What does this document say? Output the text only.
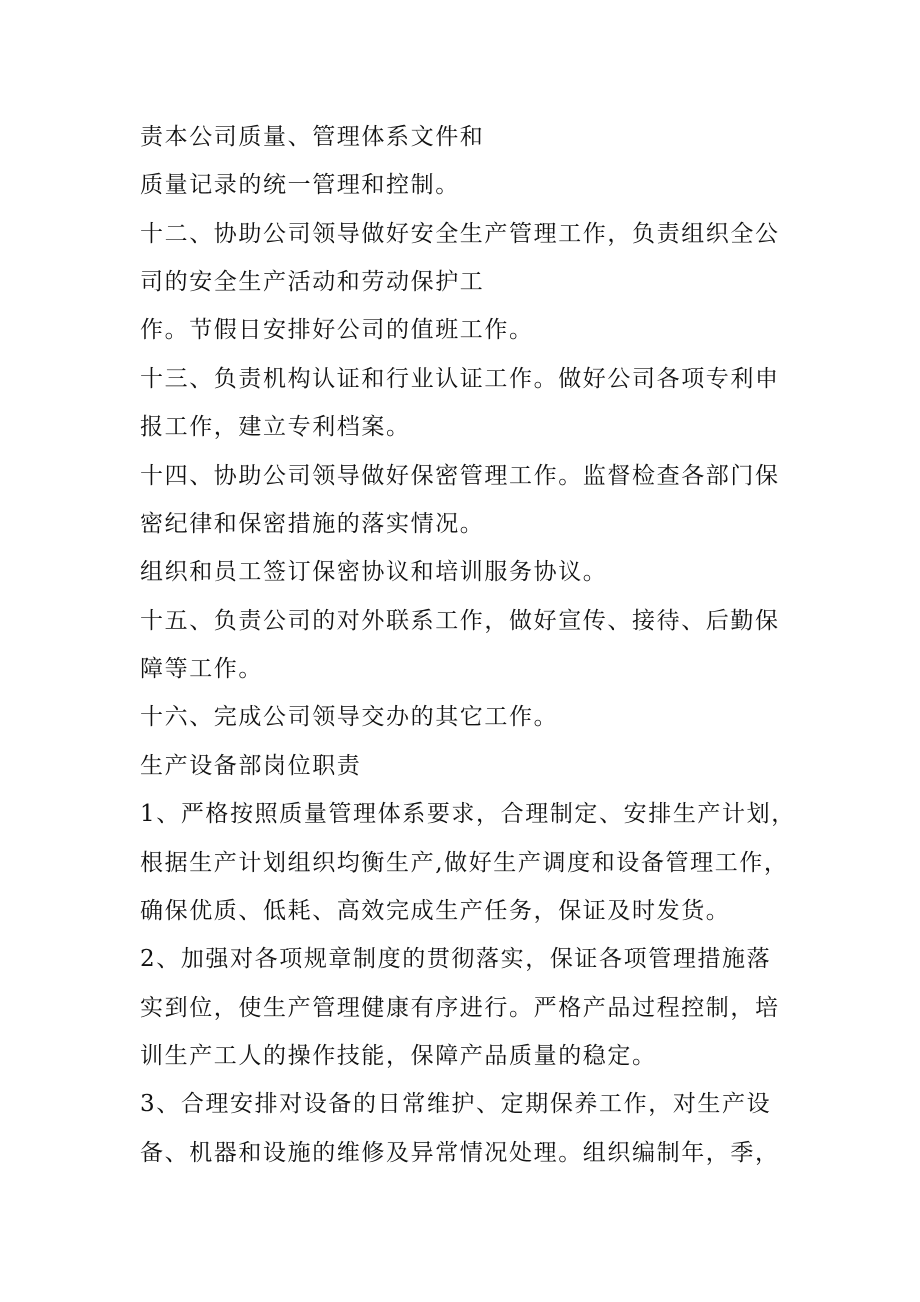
责本公司质量、管理体系文件和
质量记录的统一管理和控制。
十二、协助公司领导做好安全生产管理工作，负责组织全公
司的安全生产活动和劳动保护工
作。节假日安排好公司的值班工作。
十三、负责机构认证和行业认证工作。做好公司各项专利申
报工作，建立专利档案。
十四、协助公司领导做好保密管理工作。监督检查各部门保
密纪律和保密措施的落实情况。
组织和员工签订保密协议和培训服务协议。
十五、负责公司的对外联系工作，做好宣传、接待、后勤保
障等工作。
十六、完成公司领导交办的其它工作。
生产设备部岗位职责
1、严格按照质量管理体系要求，合理制定、安排生产计划，
根据生产计划组织均衡生产,做好生产调度和设备管理工作，
确保优质、低耗、高效完成生产任务，保证及时发货。
2、加强对各项规章制度的贯彻落实，保证各项管理措施落
实到位，使生产管理健康有序进行。严格产品过程控制，培
训生产工人的操作技能，保障产品质量的稳定。
3、合理安排对设备的日常维护、定期保养工作，对生产设
备、机器和设施的维修及异常情况处理。组织编制年，季，
